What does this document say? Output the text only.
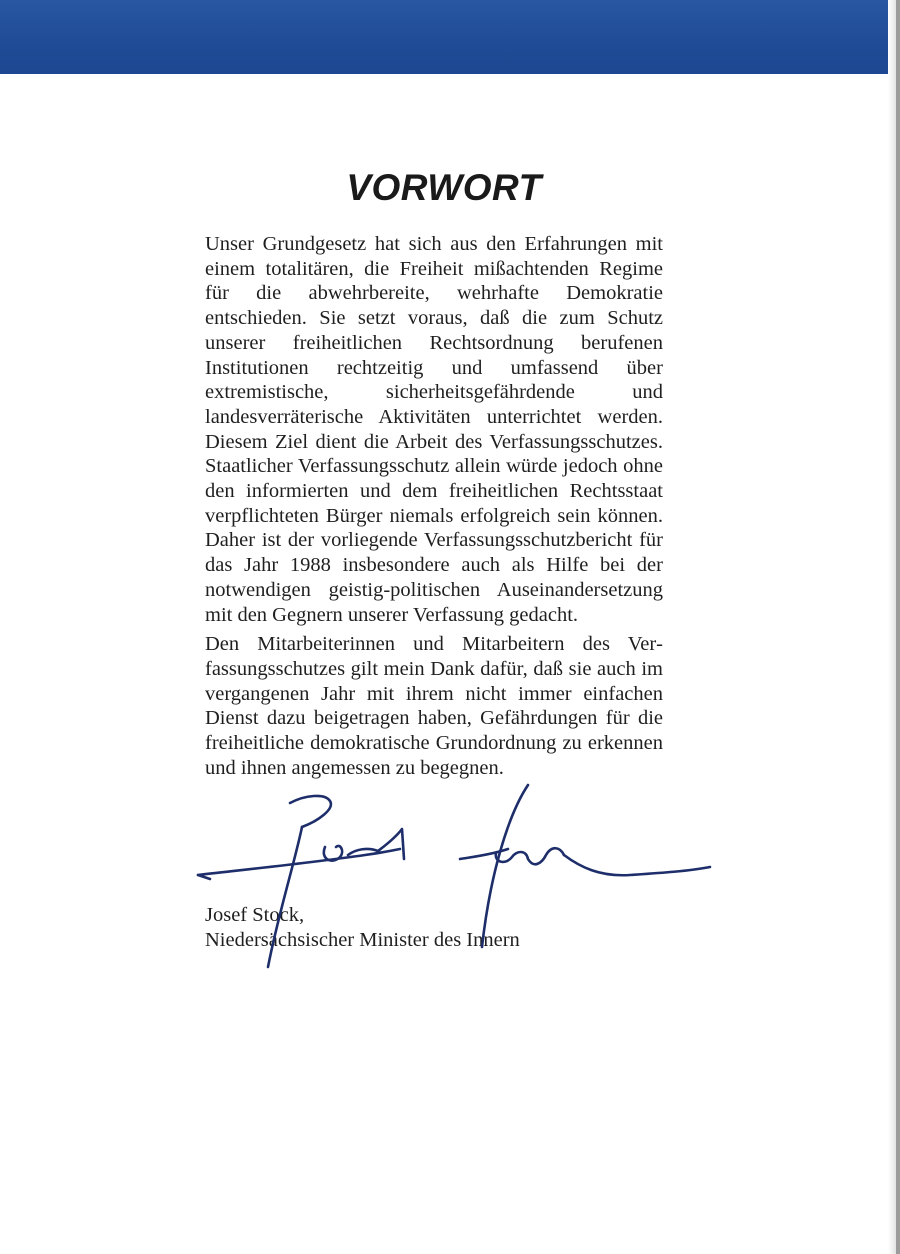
VORWORT

Unser Grundgesetz hat sich aus den Erfahrungen mit einem totalitären, die Freiheit mißachtenden Regime für die abwehrbereite, wehrhafte Demokratie entschieden. Sie setzt voraus, daß die zum Schutz unserer freiheitlichen Rechtsordnung berufenen Institutionen rechtzeitig und umfassend über extremistische, sicherheitsgefährdende und landesverräterische Aktivitäten unterrichtet werden. Diesem Ziel dient die Arbeit des Verfassungsschutzes. Staatlicher Verfassungsschutz allein würde jedoch ohne den informierten und dem freiheitlichen Rechtsstaat verpflichteten Bürger niemals erfolgreich sein können. Daher ist der vorliegende Verfassungsschutzbericht für das Jahr 1988 insbesondere auch als Hilfe bei der notwendigen geistig-politischen Auseinandersetzung mit den Gegnern unserer Verfassung gedacht.

Den Mitarbeiterinnen und Mitarbeitern des Verfassungsschutzes gilt mein Dank dafür, daß sie auch im vergangenen Jahr mit ihrem nicht immer einfachen Dienst dazu beigetragen haben, Gefährdungen für die freiheitliche demokratische Grundordnung zu erkennen und ihnen angemessen zu begegnen.

Josef Stock,
Niedersächsischer Minister des Innern
